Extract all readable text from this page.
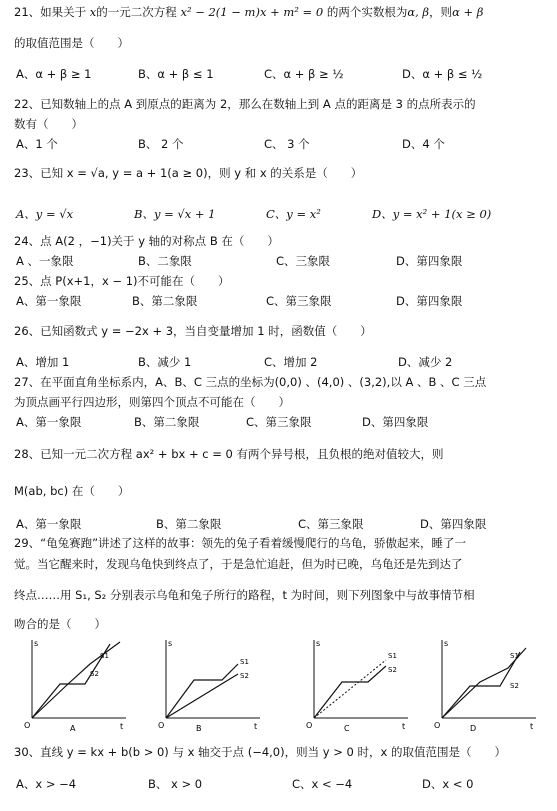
21、如果关于 x的一元二次方程 x² − 2(1 − m)x + m² = 0 的两个实数根为α, β，则α + β
的取值范围是（　　）
A、α + β ≥ 1	B、α + β ≤ 1	C、α + β ≥ ½	D、α + β ≤ ½
22、已知数轴上的点 A 到原点的距离为 2，那么在数轴上到 A 点的距离是 3 的点所表示的
数有（　　）
A、1 个	B、 2 个	C、 3 个	D、4 个
23、已知 x = √a, y = a + 1(a ≥ 0)，则 y 和 x 的关系是（　　）
A、y = √x	B、y = √x + 1	C、y = x²	D、y = x² + 1(x ≥ 0)
24、点 A(2 ，−1)关于 y 轴的对称点 B 在（　　）
A 、一象限	B、二象限	C、三象限	D、第四象限
25、点 P(x+1，x − 1)不可能在（　　）
A、第一象限	B、第二象限	C、第三象限	D、第四象限
26、已知函数式 y = −2x + 3，当自变量增加 1 时，函数值（　　）
A、增加 1	B、减少 1	C、增加 2	D、减少 2
27、在平面直角坐标系内，A、B、C 三点的坐标为(0,0) 、(4,0) 、(3,2),以 A 、B 、C 三点
为顶点画平行四边形，则第四个顶点不可能在（　　）
A、第一象限	B、第二象限	C、第三象限	D、第四象限
28、已知一元二次方程 ax² + bx + c = 0 有两个异号根，且负根的绝对值较大，则
M(ab, bc) 在（　　）
A、第一象限	B、第二象限	C、第三象限	D、第四象限
29、“龟兔赛跑”讲述了这样的故事：领先的兔子看着缓慢爬行的乌龟，骄傲起来，睡了一
觉。当它醒来时，发现乌龟快到终点了，于是急忙追赶，但为时已晚，乌龟还是先到达了
终点……用 S₁, S₂ 分别表示乌龟和兔子所行的路程，t 为时间，则下列图象中与故事情节相
吻合的是（　　）
s
O	t
A
S1
S2
s
O	t
B
S1
S2
s
O	t
C
S1
S2
s
O	t
D
S1
S2
30、直线 y = kx + b(b > 0) 与 x 轴交于点 (−4,0)，则当 y > 0 时，x 的取值范围是（　　）
A、x > −4	B、 x > 0	C、x < −4	D、x < 0
